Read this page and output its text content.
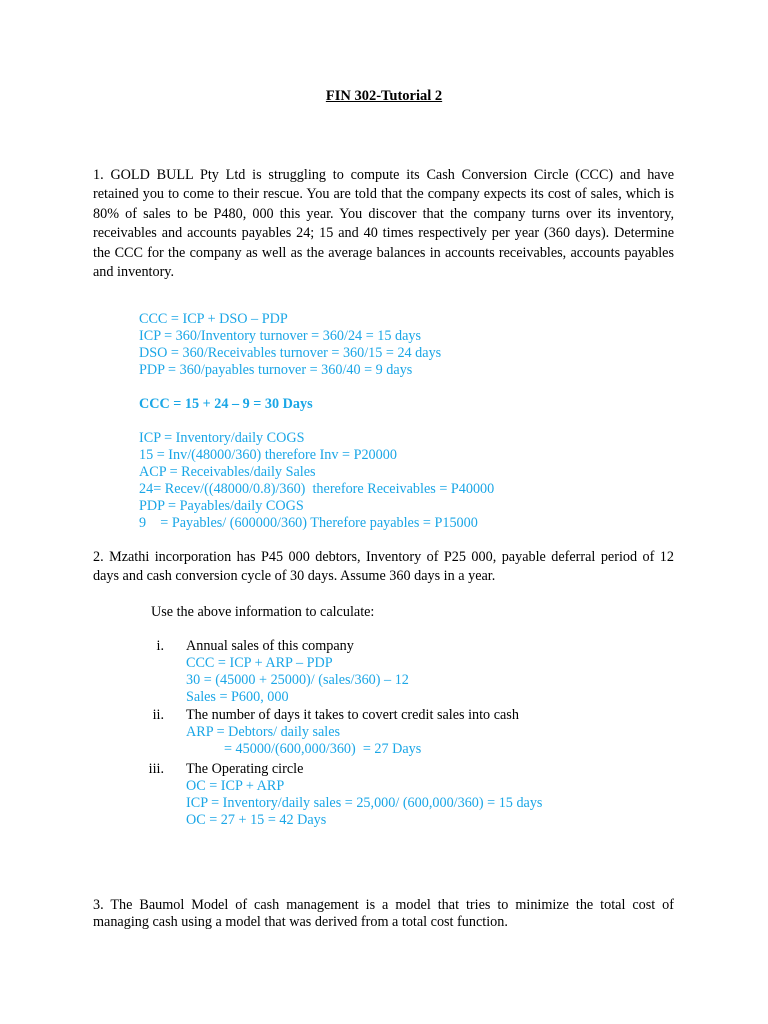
FIN 302-Tutorial 2
1. GOLD BULL Pty Ltd is struggling to compute its Cash Conversion Circle (CCC) and have retained you to come to their rescue. You are told that the company expects its cost of sales, which is 80% of sales to be P480, 000 this year. You discover that the company turns over its inventory, receivables and accounts payables 24; 15 and 40 times respectively per year (360 days). Determine the CCC for the company as well as the average balances in accounts receivables, accounts payables and inventory.
CCC = ICP + DSO – PDP
ICP = 360/Inventory turnover = 360/24 = 15 days
DSO = 360/Receivables turnover = 360/15 = 24 days
PDP = 360/payables turnover = 360/40 = 9 days
CCC = 15 + 24 – 9 = 30 Days
ICP = Inventory/daily COGS
15 = Inv/(48000/360) therefore Inv = P20000
ACP = Receivables/daily Sales
24= Recev/((48000/0.8)/360)  therefore Receivables = P40000
PDP = Payables/daily COGS
9    = Payables/ (600000/360) Therefore payables = P15000
2. Mzathi incorporation has P45 000 debtors, Inventory of P25 000, payable deferral period of 12 days and cash conversion cycle of 30 days. Assume 360 days in a year.
Use the above information to calculate:
i. Annual sales of this company
CCC = ICP + ARP – PDP
30 = (45000 + 25000)/ (sales/360) – 12
Sales = P600, 000
ii. The number of days it takes to covert credit sales into cash
ARP = Debtors/ daily sales
= 45000/(600,000/360)  = 27 Days
iii. The Operating circle
OC = ICP + ARP
ICP = Inventory/daily sales = 25,000/ (600,000/360) = 15 days
OC = 27 + 15 = 42 Days
3. The Baumol Model of cash management is a model that tries to minimize the total cost of managing cash using a model that was derived from a total cost function.
